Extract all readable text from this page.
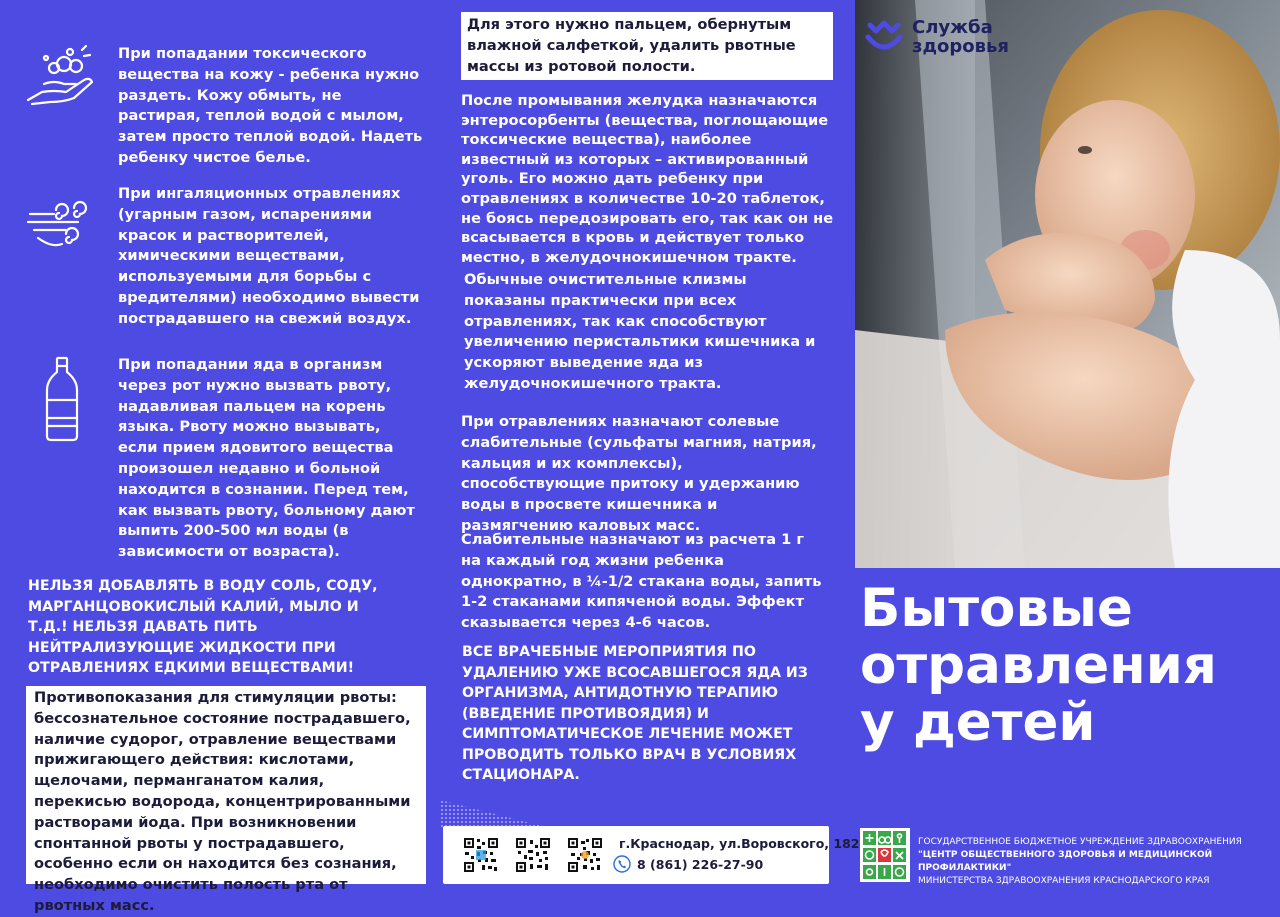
При попадании токсического вещества на кожу - ребенка нужно раздеть. Кожу обмыть, не растирая, теплой водой с мылом, затем просто теплой водой. Надеть ребенку чистое белье.

При ингаляционных отравлениях (угарным газом, испарениями красок и растворителей, химическими веществами, используемыми для борьбы с вредителями) необходимо вывести пострадавшего на свежий воздух.

При попадании яда в организм через рот нужно вызвать рвоту, надавливая пальцем на корень языка. Рвоту можно вызывать, если прием ядовитого вещества произошел недавно и больной находится в сознании. Перед тем, как вызвать рвоту, больному дают выпить 200-500 мл воды (в зависимости от возраста).

НЕЛЬЗЯ ДОБАВЛЯТЬ В ВОДУ СОЛЬ, СОДУ, МАРГАНЦОВОКИСЛЫЙ КАЛИЙ, МЫЛО И Т.Д.! НЕЛЬЗЯ ДАВАТЬ ПИТЬ НЕЙТРАЛИЗУЮЩИЕ ЖИДКОСТИ ПРИ ОТРАВЛЕНИЯХ ЕДКИМИ ВЕЩЕСТВАМИ!

Противопоказания для стимуляции рвоты: бессознательное состояние пострадавшего, наличие судорог, отравление веществами прижигающего действия: кислотами, щелочами, перманганатом калия, перекисью водорода, концентрированными растворами йода. При возникновении спонтанной рвоты у пострадавшего, особенно если он находится без сознания, необходимо очистить полость рта от рвотных масс.

Для этого нужно пальцем, обернутым влажной салфеткой, удалить рвотные массы из ротовой полости.

После промывания желудка назначаются энтеросорбенты (вещества, поглощающие токсические вещества), наиболее известный из которых – активированный уголь. Его можно дать ребенку при отравлениях в количестве 10-20 таблеток, не боясь передозировать его, так как он не всасывается в кровь и действует только местно, в желудочнокишечном тракте.

Обычные очистительные клизмы показаны практически при всех отравлениях, так как способствуют увеличению перистальтики кишечника и ускоряют выведение яда из желудочнокишечного тракта.

При отравлениях назначают солевые слабительные (сульфаты магния, натрия, кальция и их комплексы), способствующие притоку и удержанию воды в просвете кишечника и размягчению каловых масс.

Слабительные назначают из расчета 1 г на каждый год жизни ребенка однократно, в ¼-1/2 стакана воды, запить 1-2 стаканами кипяченой воды. Эффект сказывается через 4-6 часов.

ВСЕ ВРАЧЕБНЫЕ МЕРОПРИЯТИЯ ПО УДАЛЕНИЮ УЖЕ ВСОСАВШЕГОСЯ ЯДА ИЗ ОРГАНИЗМА, АНТИДОТНУЮ ТЕРАПИЮ (ВВЕДЕНИЕ ПРОТИВОЯДИЯ) И СИМПТОМАТИЧЕСКОЕ ЛЕЧЕНИЕ МОЖЕТ ПРОВОДИТЬ ТОЛЬКО ВРАЧ В УСЛОВИЯХ СТАЦИОНАРА.

г.Краснодар, ул.Воровского, 182
8 (861) 226-27-90
Служба
здоровья
Бытовые
отравления
у детей
ГОСУДАРСТВЕННОЕ БЮДЖЕТНОЕ УЧРЕЖДЕНИЕ ЗДРАВООХРАНЕНИЯ
"ЦЕНТР ОБЩЕСТВЕННОГО ЗДОРОВЬЯ И МЕДИЦИНСКОЙ ПРОФИЛАКТИКИ"
МИНИСТЕРСТВА ЗДРАВООХРАНЕНИЯ КРАСНОДАРСКОГО КРАЯ
